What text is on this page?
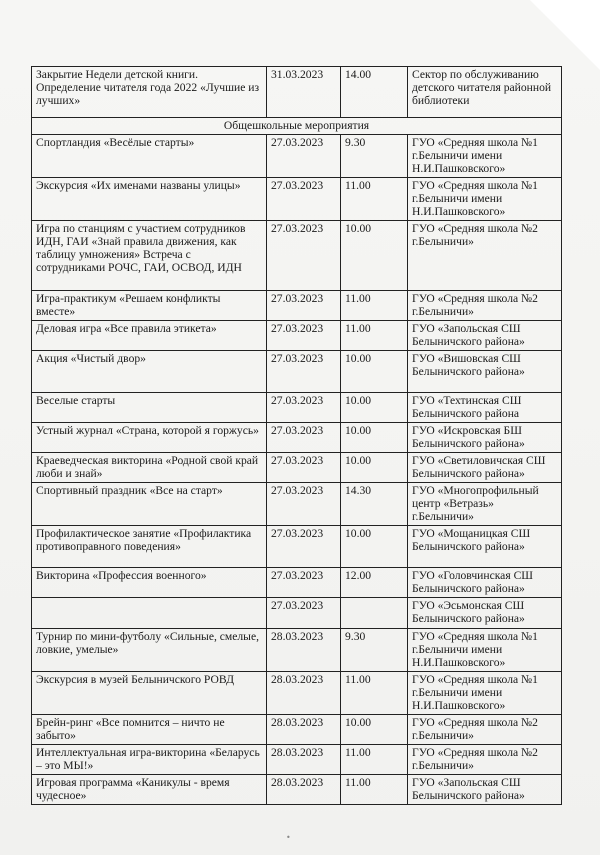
Закрытие Недели детской книги. Определение читателя года 2022 «Лучшие из лучших»	31.03.2023	14.00	Сектор по обслуживанию детского читателя районной библиотеки
Общешкольные мероприятия			
Спортландия «Весёлые старты»	27.03.2023	9.30	ГУО «Средняя школа №1 г.Белыничи имени Н.И.Пашковского»
Экскурсия «Их именами названы улицы»	27.03.2023	11.00	ГУО «Средняя школа №1 г.Белыничи имени Н.И.Пашковского»
Игра по станциям с участием сотрудников ИДН, ГАИ «Знай правила движения, как таблицу умножения» Встреча с сотрудниками РОЧС, ГАИ, ОСВОД, ИДН	27.03.2023	10.00	ГУО «Средняя школа №2 г.Белыничи»
Игра-практикум «Решаем конфликты вместе»	27.03.2023	11.00	ГУО «Средняя школа №2 г.Белыничи»
Деловая игра «Все правила этикета»	27.03.2023	11.00	ГУО «Запольская СШ Белыничского района»
Акция «Чистый двор»	27.03.2023	10.00	ГУО «Вишовская СШ Белыничского района»
Веселые старты	27.03.2023	10.00	ГУО «Техтинская СШ Белыничского района
Устный журнал «Страна, которой я горжусь»	27.03.2023	10.00	ГУО «Искровская БШ Белыничского района»
Краеведческая викторина «Родной свой край люби и знай»	27.03.2023	10.00	ГУО «Светиловичская СШ Белыничского района»
Спортивный праздник «Все на старт»	27.03.2023	14.30	ГУО «Многопрофильный центр «Ветразь» г.Белыничи»
Профилактическое занятие «Профилактика противоправного поведения»	27.03.2023	10.00	ГУО «Мощаницкая СШ Белыничского района»
Викторина «Профессия военного»	27.03.2023	12.00	ГУО «Головчинская СШ Белыничского района»
	27.03.2023		ГУО «Эсьмонская СШ Белыничского района»
Турнир по мини-футболу «Сильные, смелые, ловкие, умелые»	28.03.2023	9.30	ГУО «Средняя школа №1 г.Белыничи имени Н.И.Пашковского»
Экскурсия в музей Белыничского РОВД	28.03.2023	11.00	ГУО «Средняя школа №1 г.Белыничи имени Н.И.Пашковского»
Брейн-ринг «Все помнится – ничто не забыто»	28.03.2023	10.00	ГУО «Средняя школа №2 г.Белыничи»
Интеллектуальная игра-викторина «Беларусь – это МЫ!»	28.03.2023	11.00	ГУО «Средняя школа №2 г.Белыничи»
Игровая программа «Каникулы - время чудесное»	28.03.2023	11.00	ГУО «Запольская СШ Белыничского района»
•
